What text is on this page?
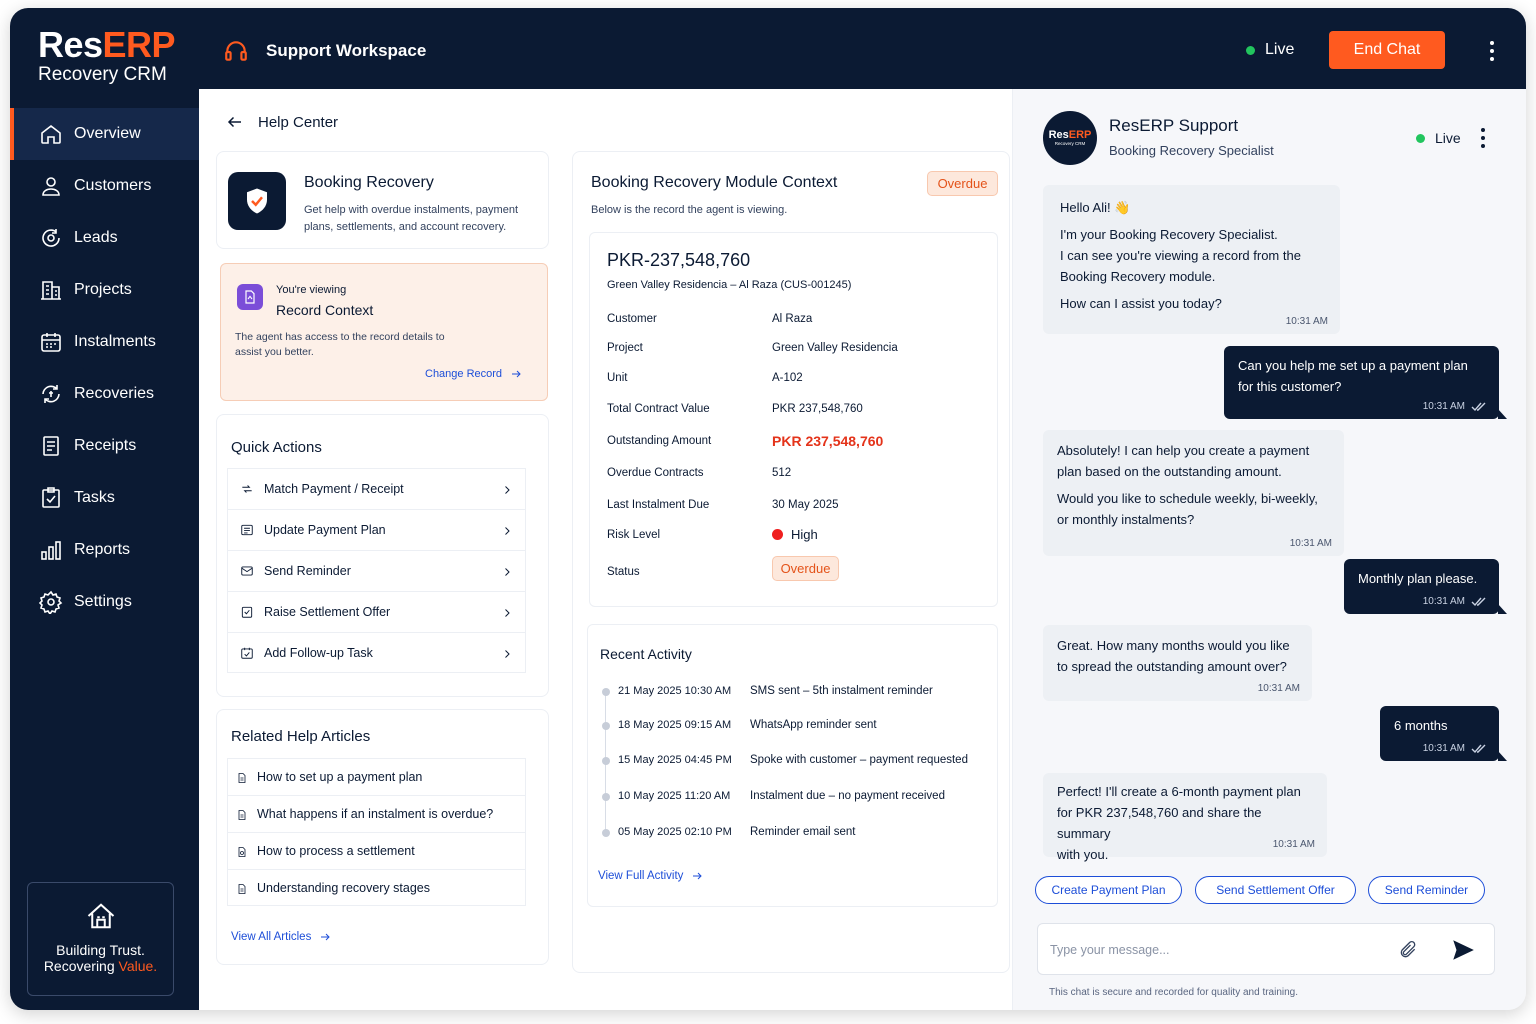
ResERP
Recovery CRM
Overview
Customers
Leads
Projects
Instalments
Recoveries
Receipts
Tasks
Reports
Settings
Building Trust.
Recovering Value.
Support Workspace	Live	End Chat
Help Center
Booking Recovery
Get help with overdue instalments, payment plans, settlements, and account recovery.
You're viewing
Record Context
The agent has access to the record details to assist you better.
Change Record
Quick Actions
Match Payment / Receipt
Update Payment Plan
Send Reminder
Raise Settlement Offer
Add Follow-up Task
Related Help Articles
How to set up a payment plan
What happens if an instalment is overdue?
How to process a settlement
Understanding recovery stages
View All Articles
Booking Recovery Module Context	Overdue
Below is the record the agent is viewing.
PKR-237,548,760
Green Valley Residencia – Al Raza (CUS-001245)
Customer	Al Raza
Project	Green Valley Residencia
Unit	A-102
Total Contract Value	PKR 237,548,760
Outstanding Amount	PKR 237,548,760
Overdue Contracts	512
Last Instalment Due	30 May 2025
Risk Level	High
Status	Overdue
Recent Activity
21 May 2025 10:30 AM SMS sent – 5th instalment reminder
18 May 2025 09:15 AM WhatsApp reminder sent
15 May 2025 04:45 PM Spoke with customer – payment requested
10 May 2025 11:20 AM Instalment due – no payment received
05 May 2025 02:10 PM Reminder email sent
View Full Activity
ResERP
Recovery CRM
ResERP Support
Booking Recovery Specialist
Live

Hello Ali! 👋

I'm your Booking Recovery Specialist.

I can see you're viewing a record from the

Booking Recovery module.

How can I assist you today?

10:31 AM

Can you help me set up a payment plan

for this customer?

10:31 AM

Absolutely! I can help you create a payment

plan based on the outstanding amount.

Would you like to schedule weekly, bi-weekly,

or monthly instalments?

10:31 AM

Monthly plan please.

10:31 AM

Great. How many months would you like

to spread the outstanding amount over?

10:31 AM

6 months

10:31 AM

Perfect! I'll create a 6-month payment plan

for PKR 237,548,760 and share the summary

with you.

10:31 AM
Create Payment Plan	Send Settlement Offer	Send Reminder
Type your message...
This chat is secure and recorded for quality and training.
